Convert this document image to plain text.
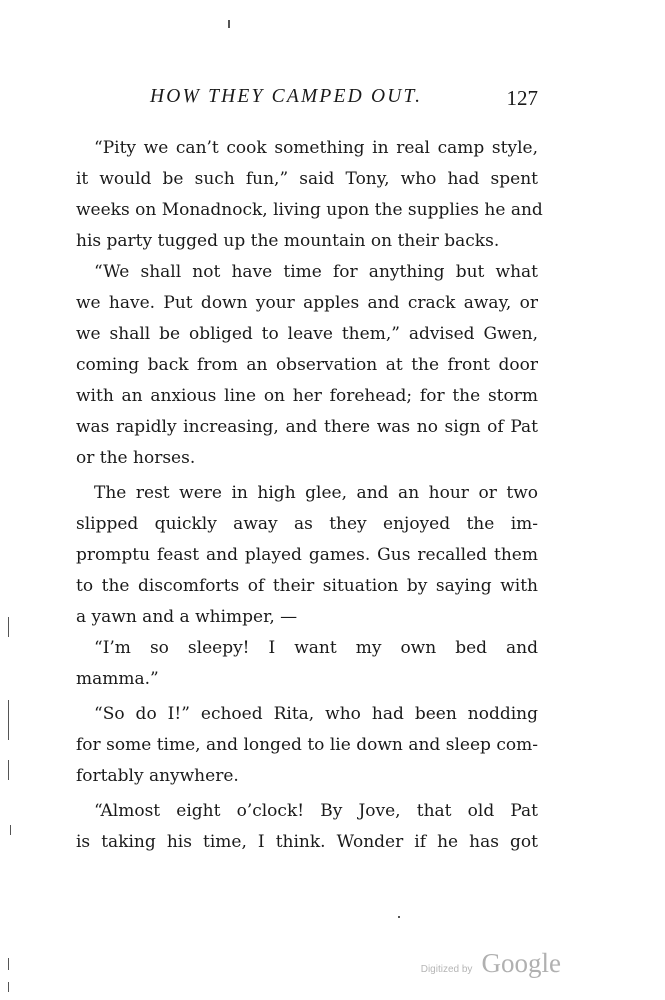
HOW THEY CAMPED OUT.	127
“Pity we can’t cook something in real camp style,
it would be such fun,” said Tony, who had spent
weeks on Monadnock, living upon the supplies he and
his party tugged up the mountain on their backs.
“We shall not have time for anything but what
we have. Put down your apples and crack away, or
we shall be obliged to leave them,” advised Gwen,
coming back from an observation at the front door
with an anxious line on her forehead; for the storm
was rapidly increasing, and there was no sign of Pat
or the horses.
The rest were in high glee, and an hour or two
slipped quickly away as they enjoyed the im-
promptu feast and played games. Gus recalled them
to the discomforts of their situation by saying with
a yawn and a whimper, —
“I’m so sleepy! I want my own bed and
mamma.”
“So do I!” echoed Rita, who had been nodding
for some time, and longed to lie down and sleep com-
fortably anywhere.
“Almost eight o’clock! By Jove, that old Pat
is taking his time, I think. Wonder if he has got
Digitized by Google
